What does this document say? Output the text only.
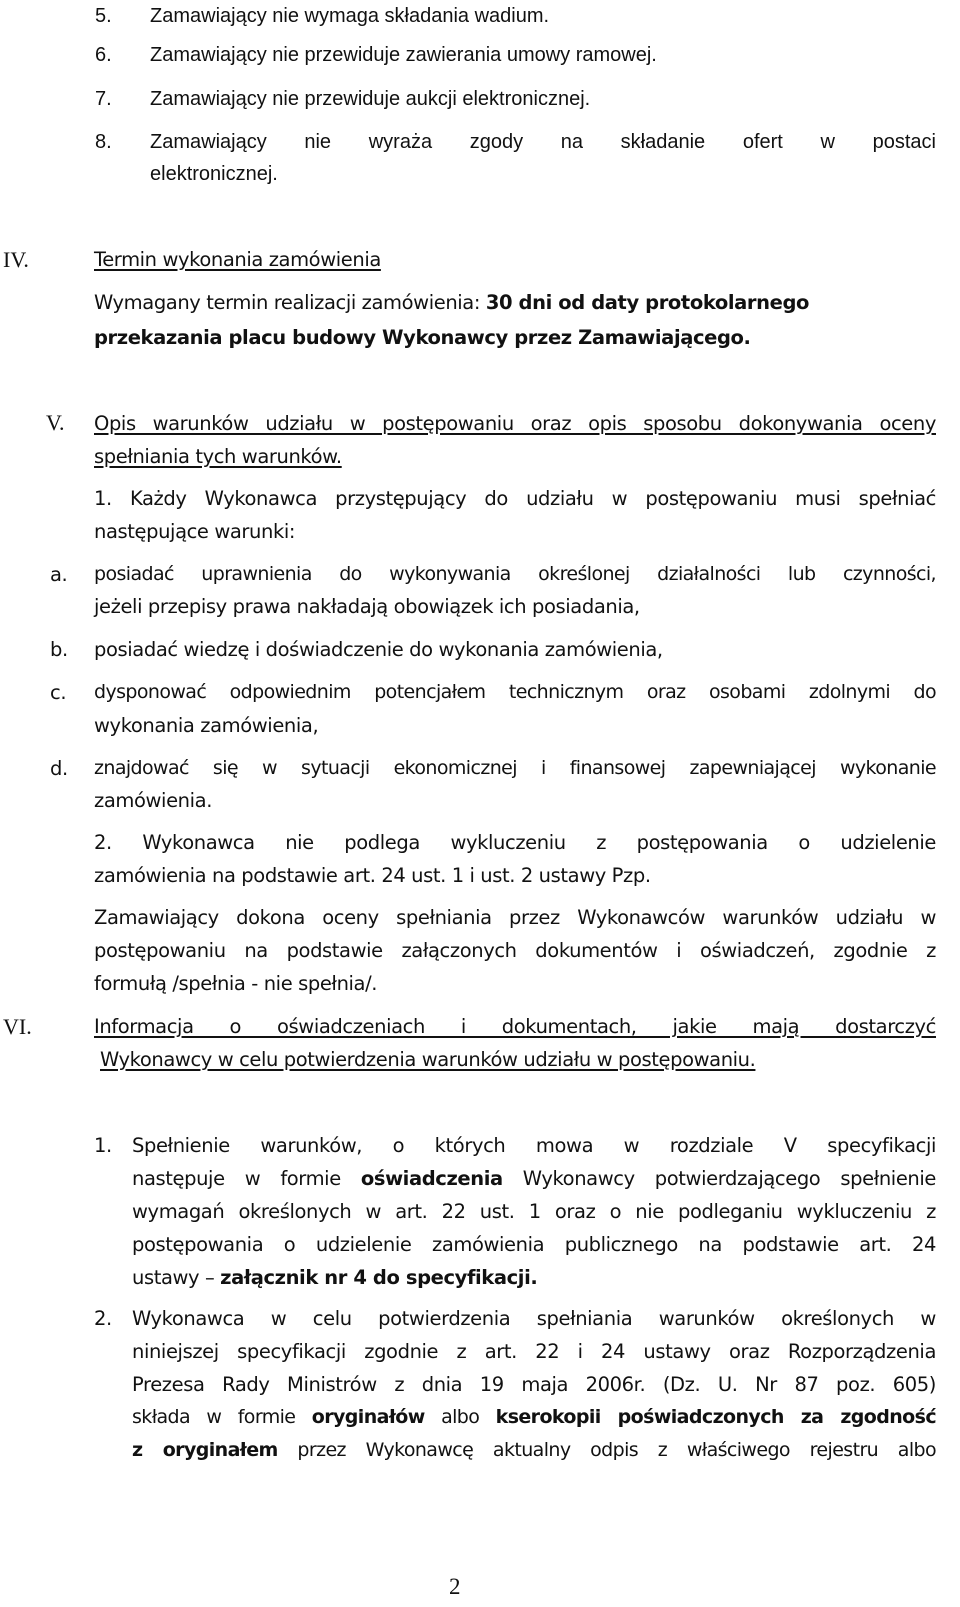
5. Zamawiający nie wymaga składania wadium.
6. Zamawiający nie przewiduje zawierania umowy ramowej.
7. Zamawiający nie przewiduje aukcji elektronicznej.
8. Zamawiający nie wyraża zgody na składanie ofert w postaci
elektronicznej.
IV.	Termin wykonania zamówienia
Wymagany termin realizacji zamówienia: 30 dni od daty protokolarnego
przekazania placu budowy Wykonawcy przez Zamawiającego.
V. Opis warunków udziału w postępowaniu oraz opis sposobu dokonywania oceny
spełniania tych warunków.
1. Każdy Wykonawca przystępujący do udziału w postępowaniu musi spełniać
następujące warunki:
a. posiadać uprawnienia do wykonywania określonej działalności lub czynności,
jeżeli przepisy prawa nakładają obowiązek ich posiadania,
b. posiadać wiedzę i doświadczenie do wykonania zamówienia,
c. dysponować odpowiednim potencjałem technicznym oraz osobami zdolnymi do
wykonania zamówienia,
d. znajdować się w sytuacji ekonomicznej i finansowej zapewniającej wykonanie
zamówienia.
2. Wykonawca nie podlega wykluczeniu z postępowania o udzielenie
zamówienia na podstawie art. 24 ust. 1 i ust. 2 ustawy Pzp.
Zamawiający dokona oceny spełniania przez Wykonawców warunków udziału w
postępowaniu na podstawie załączonych dokumentów i oświadczeń, zgodnie z
formułą /spełnia - nie spełnia/.
VI.	Informacja o oświadczeniach i dokumentach, jakie mają dostarczyć
Wykonawcy w celu potwierdzenia warunków udziału w postępowaniu.
1. Spełnienie warunków, o których mowa w rozdziale V specyfikacji
następuje w formie oświadczenia Wykonawcy potwierdzającego spełnienie
wymagań określonych w art. 22 ust. 1 oraz o nie podleganiu wykluczeniu z
postępowania o udzielenie zamówienia publicznego na podstawie art. 24
ustawy – załącznik nr 4 do specyfikacji.
2. Wykonawca w celu potwierdzenia spełniania warunków określonych w
niniejszej specyfikacji zgodnie z art. 22 i 24 ustawy oraz Rozporządzenia
Prezesa Rady Ministrów z dnia 19 maja 2006r. (Dz. U. Nr 87 poz. 605)
składa w formie oryginałów albo kserokopii poświadczonych za zgodność
z oryginałem przez Wykonawcę aktualny odpis z właściwego rejestru albo
2
